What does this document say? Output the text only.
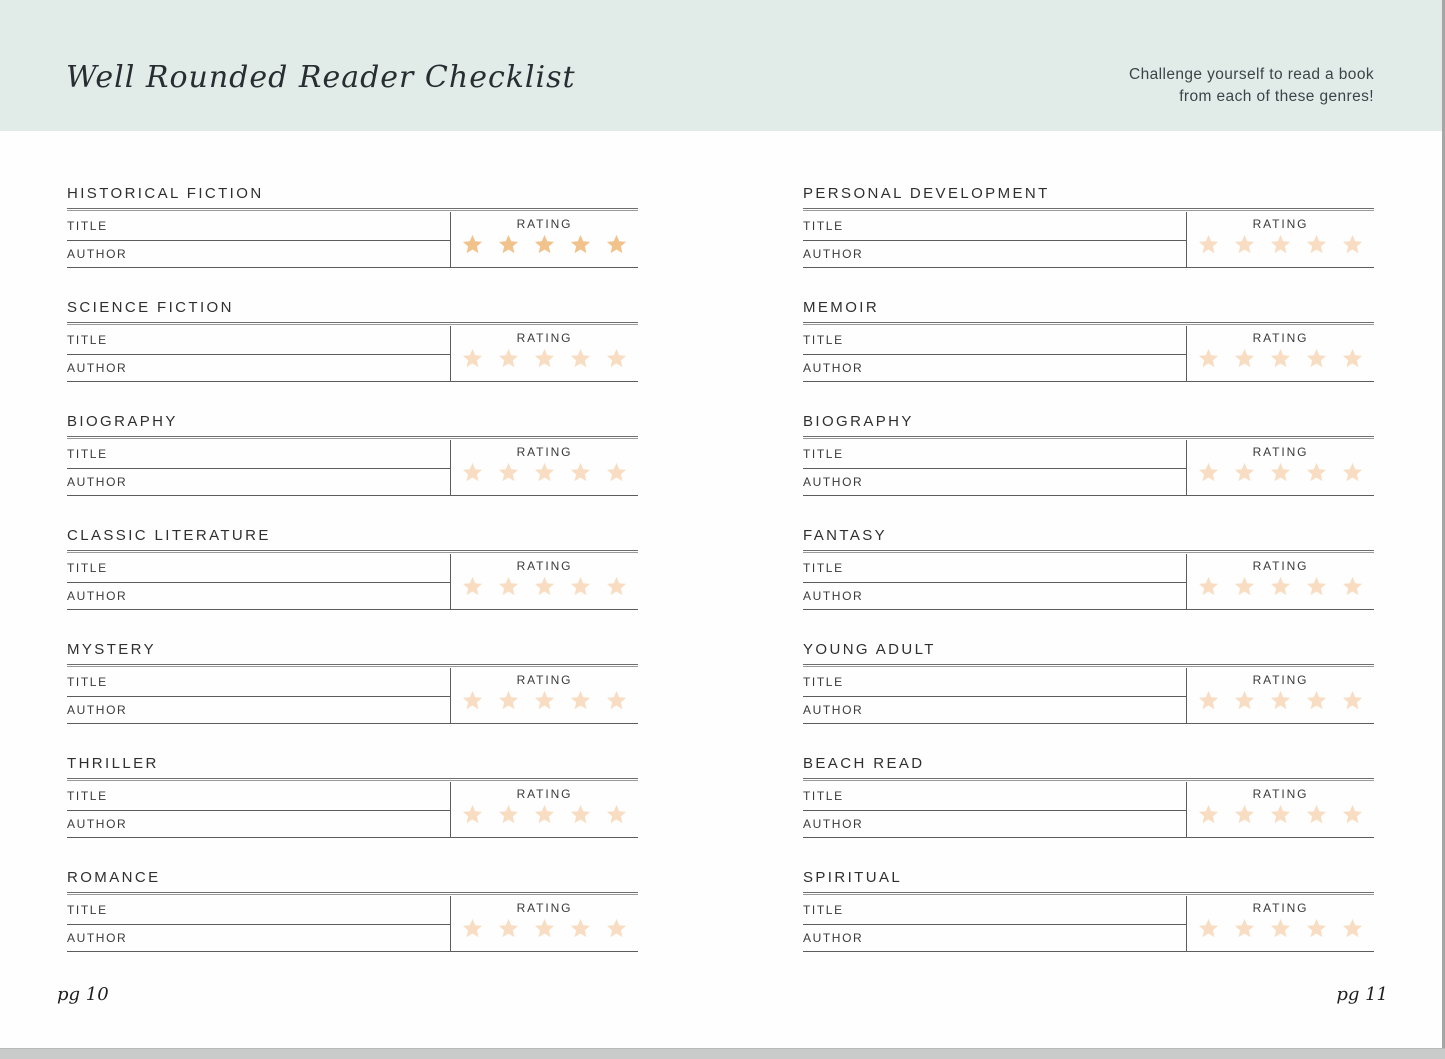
Well Rounded Reader Checklist	Challenge yourself to read a book
from each of these genres!
HISTORICAL FICTION
TITLE
AUTHOR
RATING
SCIENCE FICTION
TITLE
AUTHOR
RATING
BIOGRAPHY
TITLE
AUTHOR
RATING
CLASSIC LITERATURE
TITLE
AUTHOR
RATING
MYSTERY
TITLE
AUTHOR
RATING
THRILLER
TITLE
AUTHOR
RATING
ROMANCE
TITLE
AUTHOR
RATING
PERSONAL DEVELOPMENT
TITLE
AUTHOR
RATING
MEMOIR
TITLE
AUTHOR
RATING
BIOGRAPHY
TITLE
AUTHOR
RATING
FANTASY
TITLE
AUTHOR
RATING
YOUNG ADULT
TITLE
AUTHOR
RATING
BEACH READ
TITLE
AUTHOR
RATING
SPIRITUAL
TITLE
AUTHOR
RATING
pg 10	pg 11
